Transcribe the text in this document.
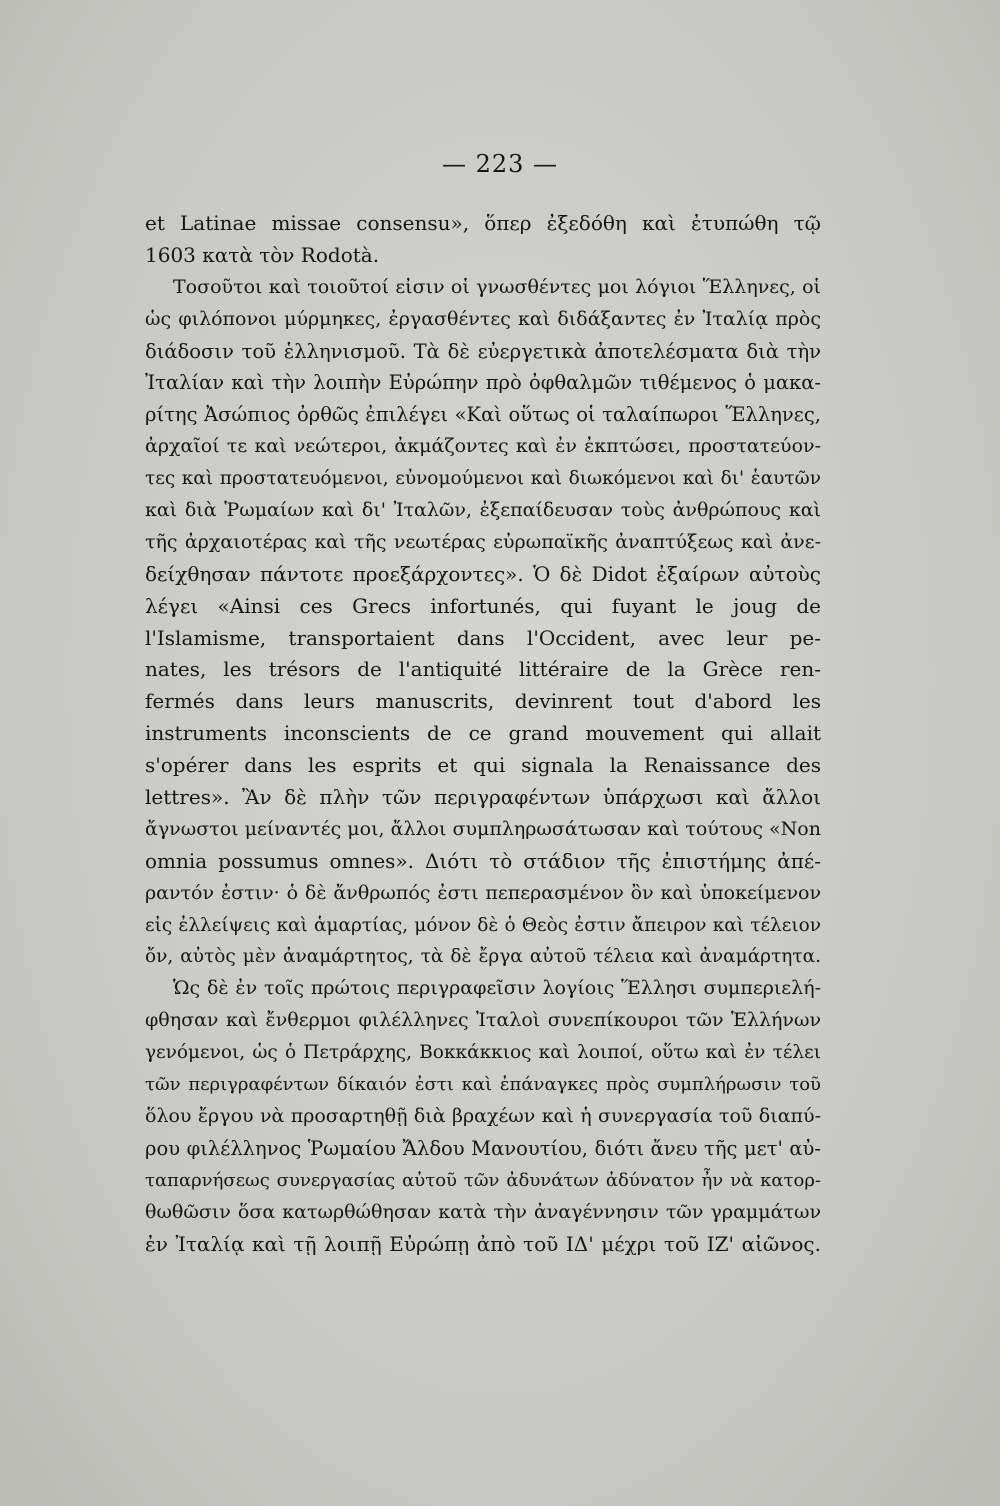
— 223 —
et Latinae missae consensu», ὅπερ ἐξεδόθη καὶ ἐτυπώθη τῷ
1603 κατὰ τὸν Rodotà.
Τοσοῦτοι καὶ τοιοῦτοί εἰσιν οἱ γνωσθέντες μοι λόγιοι Ἕλληνες, οἱ
ὡς φιλόπονοι μύρμηκες, ἐργασθέντες καὶ διδάξαντες ἐν Ἰταλίᾳ πρὸς
διάδοσιν τοῦ ἑλληνισμοῦ. Τὰ δὲ εὐεργετικὰ ἀποτελέσματα διὰ τὴν
Ἰταλίαν καὶ τὴν λοιπὴν Εὐρώπην πρὸ ὀφθαλμῶν τιθέμενος ὁ μακα-
ρίτης Ἀσώπιος ὀρθῶς ἐπιλέγει «Καὶ οὕτως οἱ ταλαίπωροι Ἕλληνες,
ἀρχαῖοί τε καὶ νεώτεροι, ἀκμάζοντες καὶ ἐν ἐκπτώσει, προστατεύον-
τες καὶ προστατευόμενοι, εὐνομούμενοι καὶ διωκόμενοι καὶ δι' ἑαυτῶν
καὶ διὰ Ῥωμαίων καὶ δι' Ἰταλῶν, ἐξεπαίδευσαν τοὺς ἀνθρώπους καὶ
τῆς ἀρχαιοτέρας καὶ τῆς νεωτέρας εὐρωπαϊκῆς ἀναπτύξεως καὶ ἀνε-
δείχθησαν πάντοτε προεξάρχοντες». Ὁ δὲ Didot ἐξαίρων αὐτοὺς
λέγει «Ainsi ces Grecs infortunés, qui fuyant le joug de
l'Islamisme, transportaient dans l'Occident, avec leur pe-
nates, les trésors de l'antiquité littéraire de la Grèce ren-
fermés dans leurs manuscrits, devinrent tout d'abord les
instruments inconscients de ce grand mouvement qui allait
s'opérer dans les esprits et qui signala la Renaissance des
lettres». Ἂν δὲ πλὴν τῶν περιγραφέντων ὑπάρχωσι καὶ ἄλλοι
ἄγνωστοι μείναντές μοι, ἄλλοι συμπληρωσάτωσαν καὶ τούτους «Non
omnia possumus omnes». Διότι τὸ στάδιον τῆς ἐπιστήμης ἀπέ-
ραντόν ἐστιν· ὁ δὲ ἄνθρωπός ἐστι πεπερασμένον ὂν καὶ ὑποκείμενον
εἰς ἐλλείψεις καὶ ἁμαρτίας, μόνον δὲ ὁ Θεὸς ἐστιν ἄπειρον καὶ τέλειον
ὄν, αὐτὸς μὲν ἀναμάρτητος, τὰ δὲ ἔργα αὐτοῦ τέλεια καὶ ἀναμάρτητα.
Ὡς δὲ ἐν τοῖς πρώτοις περιγραφεῖσιν λογίοις Ἕλλησι συμπεριελή-
φθησαν καὶ ἔνθερμοι φιλέλληνες Ἰταλοὶ συνεπίκουροι τῶν Ἑλλήνων
γενόμενοι, ὡς ὁ Πετράρχης, Βοκκάκκιος καὶ λοιποί, οὕτω καὶ ἐν τέλει
τῶν περιγραφέντων δίκαιόν ἐστι καὶ ἐπάναγκες πρὸς συμπλήρωσιν τοῦ
ὅλου ἔργου νὰ προσαρτηθῇ διὰ βραχέων καὶ ἡ συνεργασία τοῦ διαπύ-
ρου φιλέλληνος Ῥωμαίου Ἄλδου Μανουτίου, διότι ἄνευ τῆς μετ' αὐ-
ταπαρνήσεως συνεργασίας αὐτοῦ τῶν ἀδυνάτων ἀδύνατον ἦν νὰ κατορ-
θωθῶσιν ὅσα κατωρθώθησαν κατὰ τὴν ἀναγέννησιν τῶν γραμμάτων
ἐν Ἰταλίᾳ καὶ τῇ λοιπῇ Εὐρώπῃ ἀπὸ τοῦ ΙΔ' μέχρι τοῦ ΙΖ' αἰῶνος.
